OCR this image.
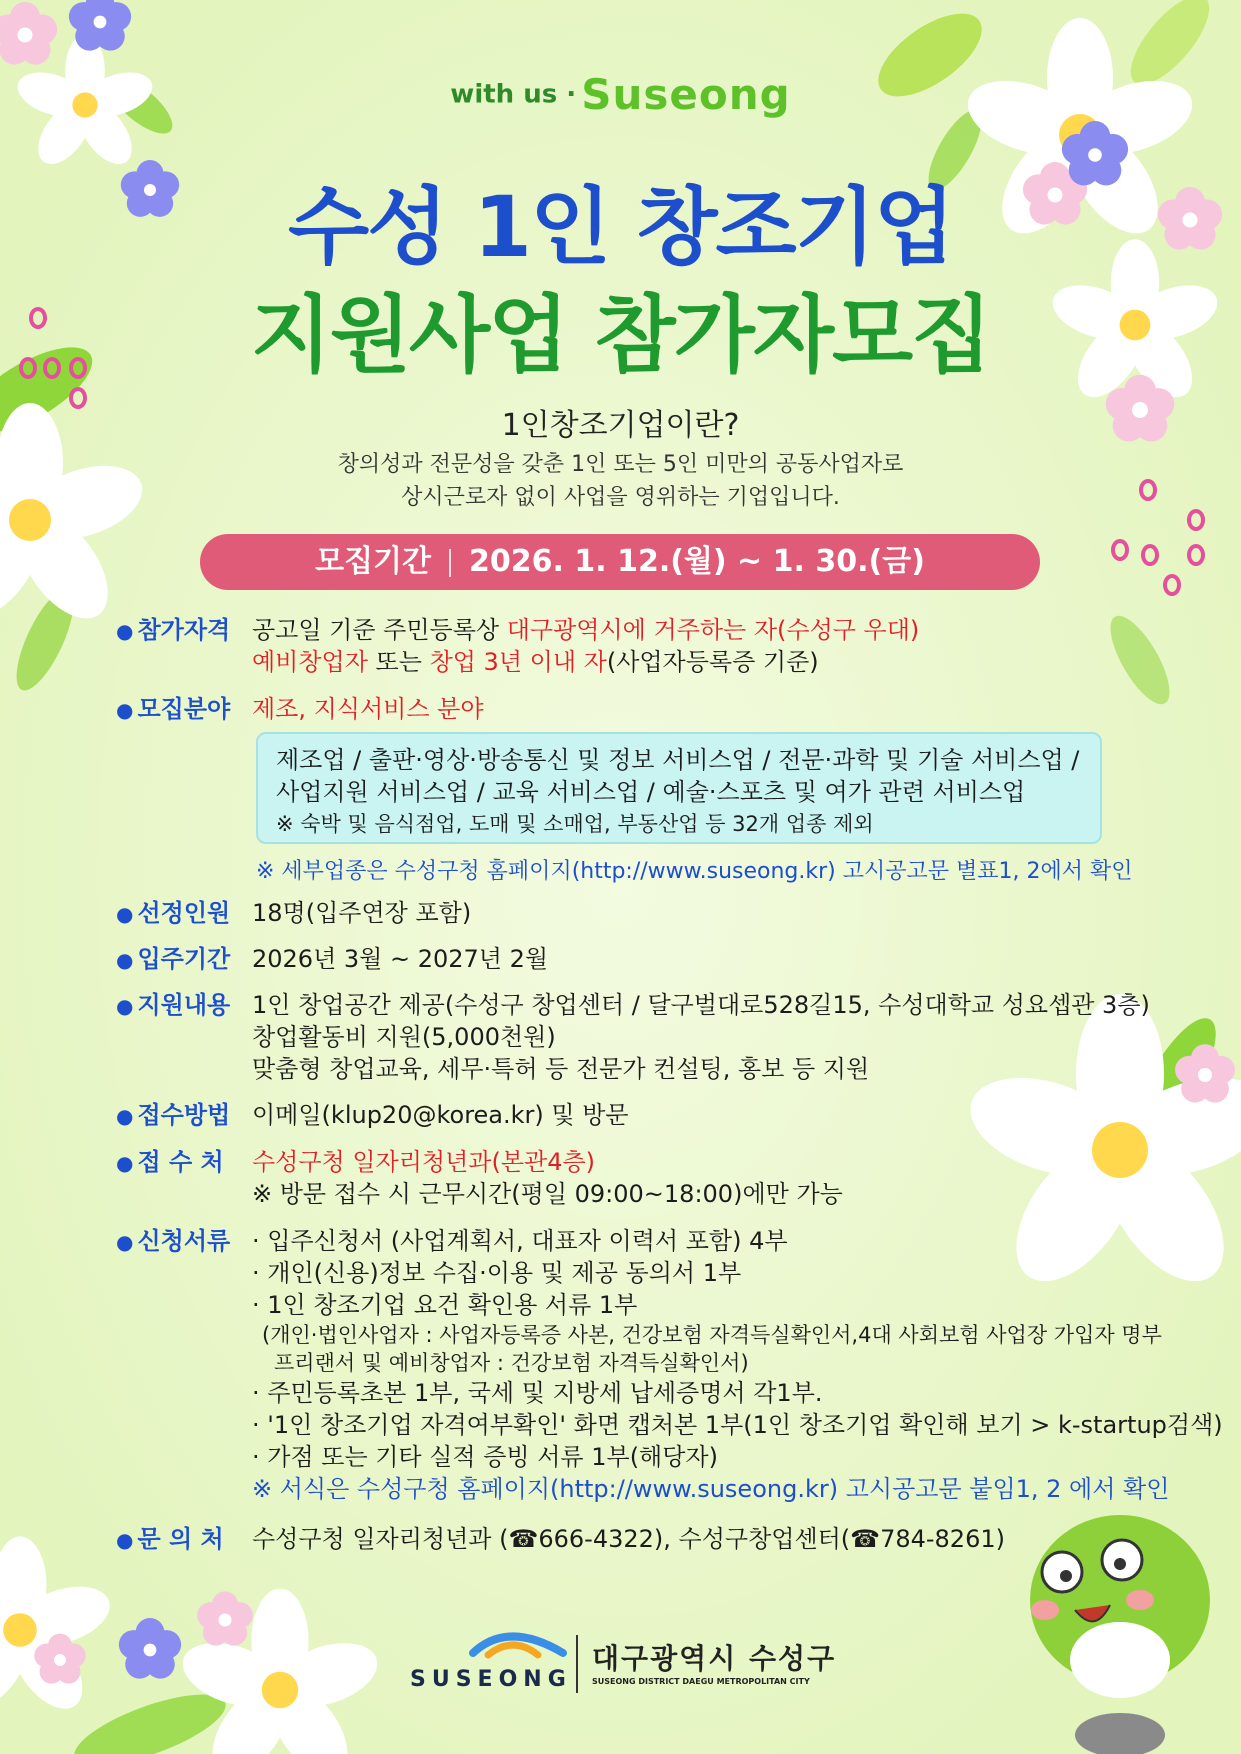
with us · Suseong
수성 1인 창조기업
지원사업 참가자모집
1인창조기업이란?
창의성과 전문성을 갖춘 1인 또는 5인 미만의 공동사업자로
상시근로자 없이 사업을 영위하는 기업입니다.
모집기간 2026. 1. 12.(월) ~ 1. 30.(금)
● 참가자격 공고일 기준 주민등록상 대구광역시에 거주하는 자(수성구 우대)
예비창업자 또는 창업 3년 이내 자(사업자등록증 기준)
● 모집분야 제조, 지식서비스 분야
제조업 / 출판·영상·방송통신 및 정보 서비스업 / 전문·과학 및 기술 서비스업 /
사업지원 서비스업 / 교육 서비스업 / 예술·스포츠 및 여가 관련 서비스업
※ 숙박 및 음식점업, 도매 및 소매업, 부동산업 등 32개 업종 제외
※ 세부업종은 수성구청 홈페이지(http://www.suseong.kr) 고시공고문 별표1, 2에서 확인
● 선정인원 18명(입주연장 포함)
● 입주기간 2026년 3월 ~ 2027년 2월
● 지원내용 1인 창업공간 제공(수성구 창업센터 / 달구벌대로528길15, 수성대학교 성요셉관 3층)
창업활동비 지원(5,000천원)
맞춤형 창업교육, 세무·특허 등 전문가 컨설팅, 홍보 등 지원
● 접수방법 이메일(klup20@korea.kr) 및 방문
● 접 수 처	수성구청 일자리청년과(본관4층)
※ 방문 접수 시 근무시간(평일 09:00~18:00)에만 가능
● 신청서류 · 입주신청서 (사업계획서, 대표자 이력서 포함) 4부
· 개인(신용)정보 수집·이용 및 제공 동의서 1부
· 1인 창조기업 요건 확인용 서류 1부
(개인·법인사업자 : 사업자등록증 사본, 건강보험 자격득실확인서,4대 사회보험 사업장 가입자 명부
프리랜서 및 예비창업자 : 건강보험 자격득실확인서)
· 주민등록초본 1부, 국세 및 지방세 납세증명서 각1부.
· '1인 창조기업 자격여부확인' 화면 캡처본 1부(1인 창조기업 확인해 보기 > k-startup검색)
· 가점 또는 기타 실적 증빙 서류 1부(해당자)
※ 서식은 수성구청 홈페이지(http://www.suseong.kr) 고시공고문 붙임1, 2 에서 확인
● 문 의 처	수성구청 일자리청년과 (☎666-4322), 수성구창업센터(☎784-8261)
SUSEONG
대구광역시 수성구
SUSEONG DISTRICT DAEGU METROPOLITAN CITY
